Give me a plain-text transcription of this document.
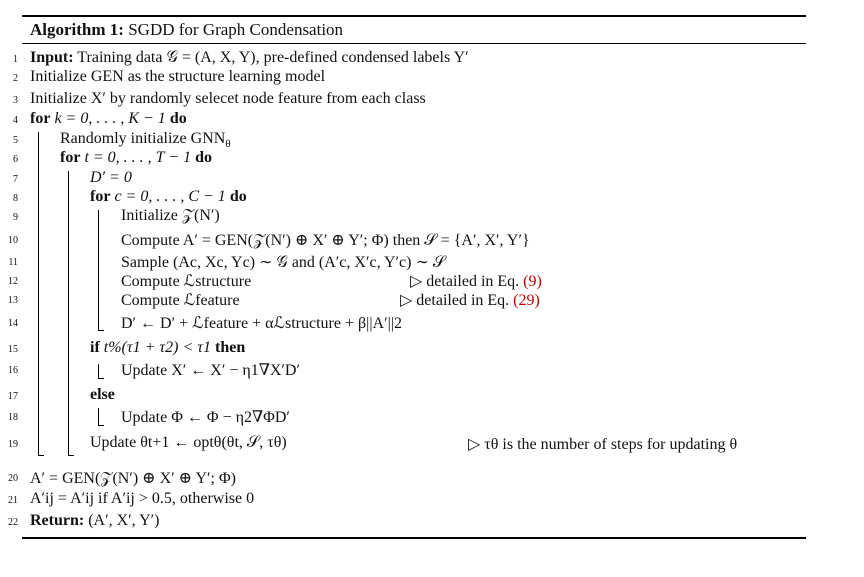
Algorithm 1: SGDD for Graph Condensation
1 Input: Training data 𝒢 = (A, X, Y), pre-defined condensed labels Y′
2 Initialize GEN as the structure learning model
3 Initialize X′ by randomly selecet node feature from each class
4 for k = 0, . . . , K − 1 do
5	Randomly initialize $GNN_\theta$
6	for t = 0, . . . , T − 1 do
7	D′ = 0
8	for c = 0, . . . , C − 1 do
9	Initialize 𝒵(N′)
10	Compute A′ = GEN(𝒵(N′) ⊕ X′ ⊕ Y′; Φ) then 𝒮 = {A′, X′, Y′}
11	Sample (Ac, Xc, Yc) ∼ 𝒢 and (A′c, X′c, Y′c) ∼ 𝒮
12	Compute ℒstructure	▷ detailed in Eq. (9)
13	Compute ℒfeature	▷ detailed in Eq. (29)
14	D′ ← D′ + ℒfeature + αℒstructure + β||A′||2
15	if t%(τ1 + τ2) < τ1 then
16	Update X′ ← X′ − η1∇X′D′
17	else
18	Update Φ ← Φ − η2∇ΦD′
19	Update θt+1 ← optθ(θt, 𝒮, τθ)	▷ τθ is the number of steps for updating θ
20 A′ = GEN(𝒵(N′) ⊕ X′ ⊕ Y′; Φ)
21 A′ij = A′ij if A′ij > 0.5, otherwise 0
22 Return: (A′, X′, Y′)
